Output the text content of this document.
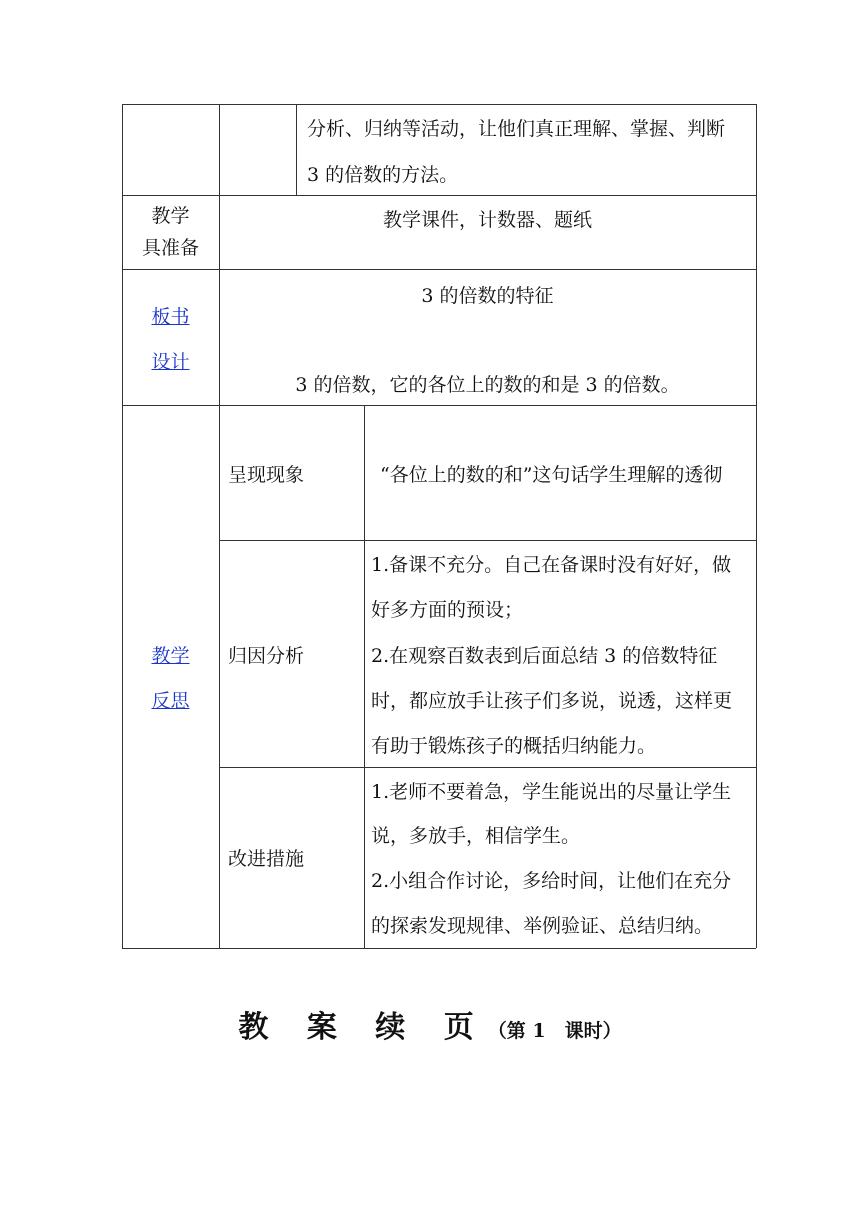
分析、归纳等活动，让他们真正理解、掌握、判断
3 的倍数的方法。
教学
具准备
教学课件，计数器、题纸
板书
设计
3 的倍数的特征
3 的倍数，它的各位上的数的和是 3 的倍数。
教学
反思
呈现现象	“各位上的数的和”这句话学生理解的透彻
归因分析
1.备课不充分。自己在备课时没有好好，做
好多方面的预设；
2.在观察百数表到后面总结 3 的倍数特征
时，都应放手让孩子们多说，说透，这样更
有助于锻炼孩子的概括归纳能力。
改进措施
1.老师不要着急，学生能说出的尽量让学生
说，多放手，相信学生。
2.小组合作讨论，多给时间，让他们在充分
的探索发现规律、举例验证、总结归纳。
教 案 续 页（第 1　课时）
